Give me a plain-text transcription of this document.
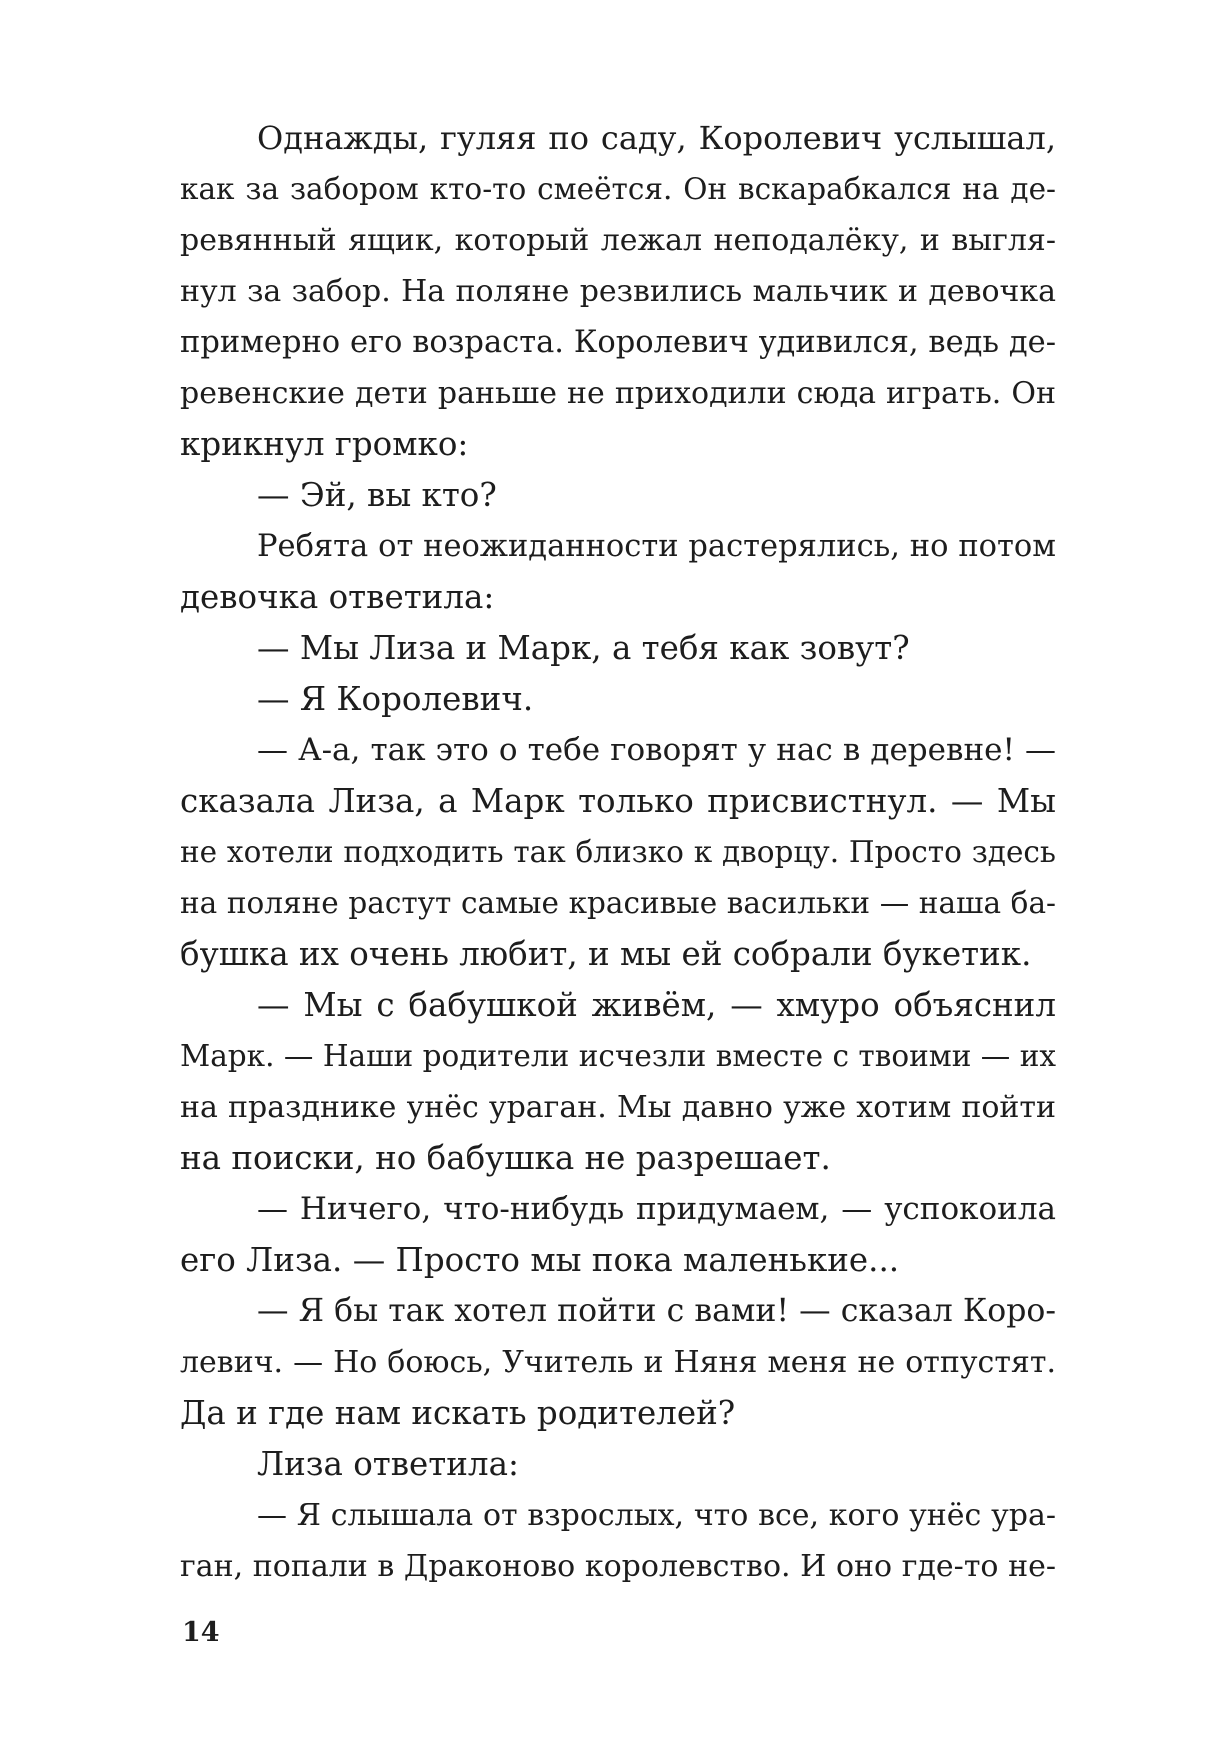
Однажды, гуляя по саду, Королевич услышал,
как за забором кто-то смеётся. Он вскарабкался на де-
ревянный ящик, который лежал неподалёку, и выгля-
нул за забор. На поляне резвились мальчик и девочка
примерно его возраста. Королевич удивился, ведь де-
ревенские дети раньше не приходили сюда играть. Он
крикнул громко:
— Эй, вы кто?
Ребята от неожиданности растерялись, но потом
девочка ответила:
— Мы Лиза и Марк, а тебя как зовут?
— Я Королевич.
— А-а, так это о тебе говорят у нас в деревне! —
сказала Лиза, а Марк только присвистнул. — Мы
не хотели подходить так близко к дворцу. Просто здесь
на поляне растут самые красивые васильки — наша ба-
бушка их очень любит, и мы ей собрали букетик.
— Мы с бабушкой живём, — хмуро объяснил
Марк. — Наши родители исчезли вместе с твоими — их
на празднике унёс ураган. Мы давно уже хотим пойти
на поиски, но бабушка не разрешает.
— Ничего, что-нибудь придумаем, — успокоила
его Лиза. — Просто мы пока маленькие...
— Я бы так хотел пойти с вами! — сказал Коро-
левич. — Но боюсь, Учитель и Няня меня не отпустят.
Да и где нам искать родителей?
Лиза ответила:
— Я слышала от взрослых, что все, кого унёс ура-
ган, попали в Драконово королевство. И оно где-то не-
14
